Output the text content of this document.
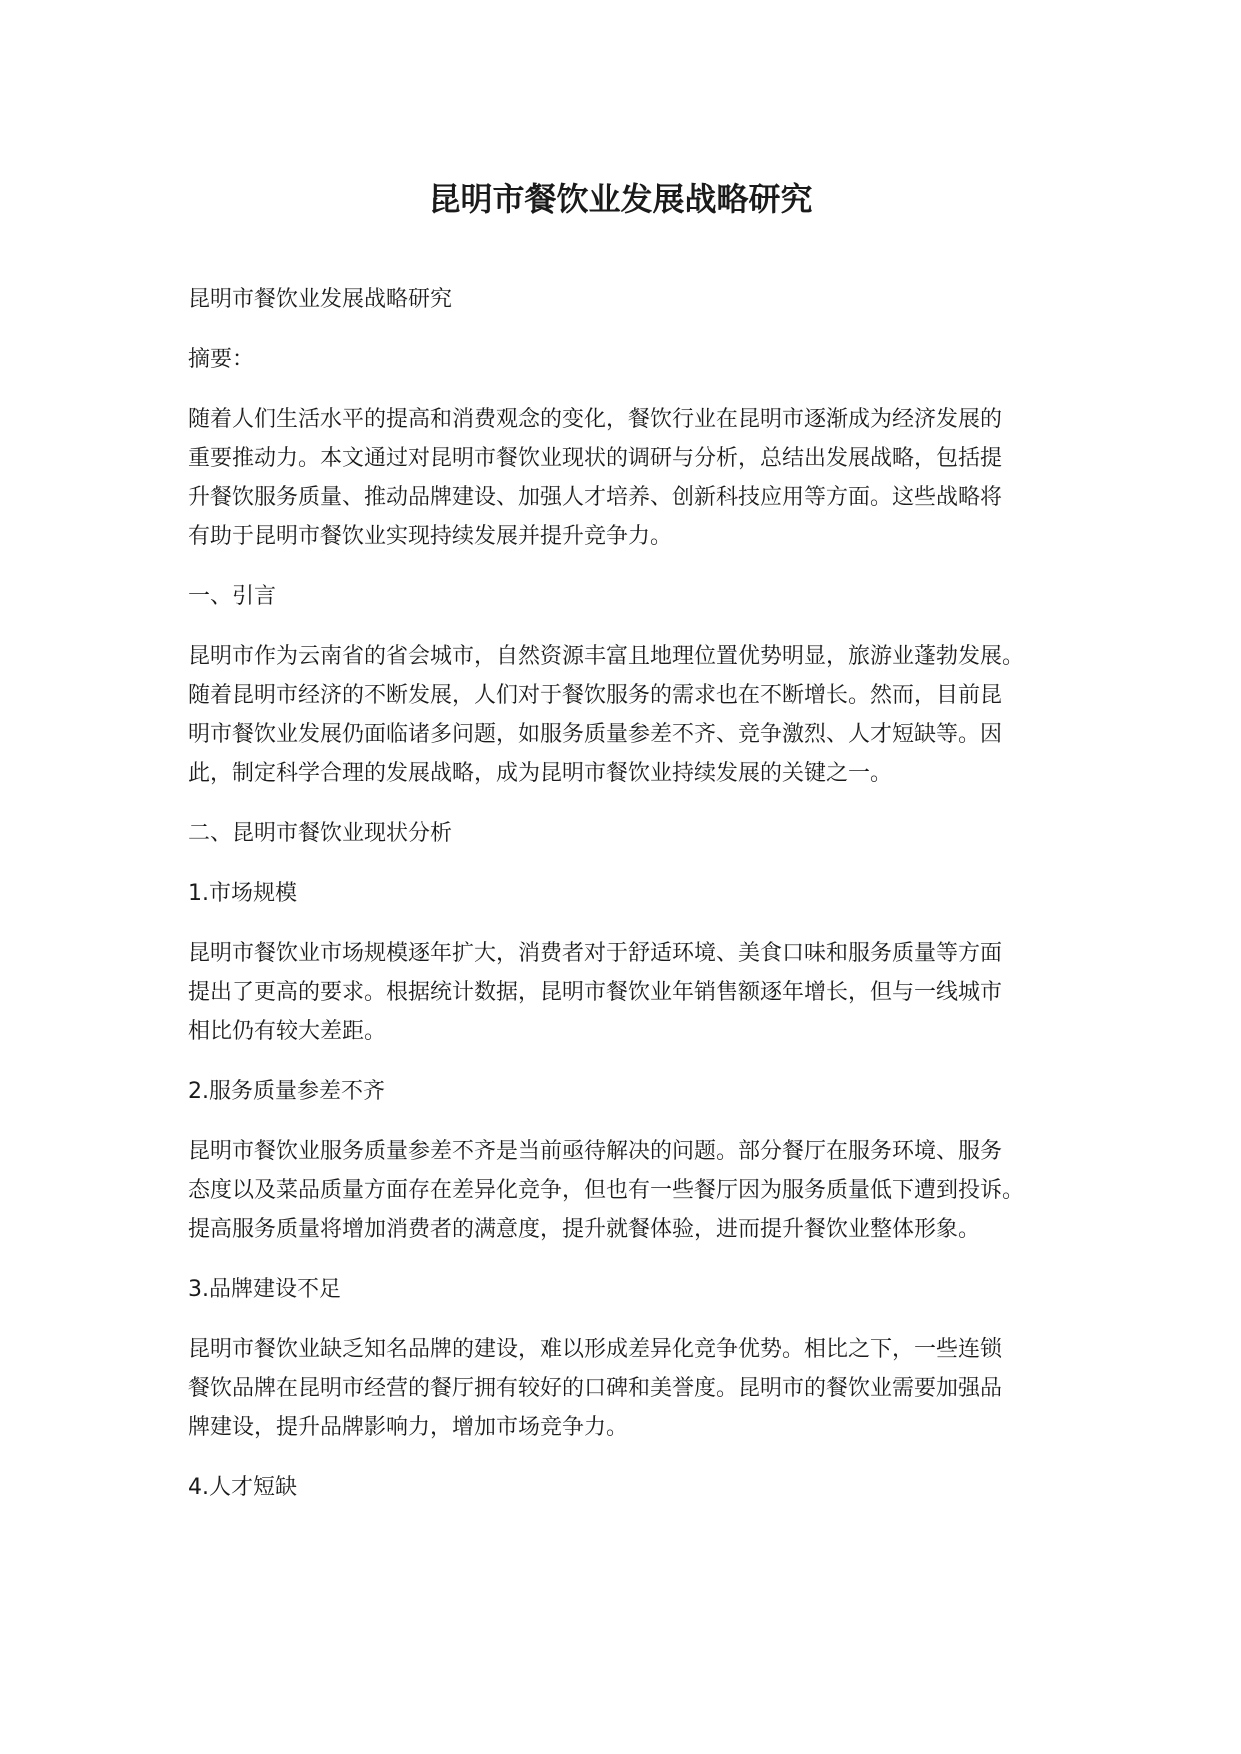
昆明市餐饮业发展战略研究

昆明市餐饮业发展战略研究

摘要：

随着人们生活水平的提高和消费观念的变化，餐饮行业在昆明市逐渐成为经济发展的
重要推动力。本文通过对昆明市餐饮业现状的调研与分析，总结出发展战略，包括提
升餐饮服务质量、推动品牌建设、加强人才培养、创新科技应用等方面。这些战略将
有助于昆明市餐饮业实现持续发展并提升竞争力。

一、引言

昆明市作为云南省的省会城市，自然资源丰富且地理位置优势明显，旅游业蓬勃发展。
随着昆明市经济的不断发展，人们对于餐饮服务的需求也在不断增长。然而，目前昆
明市餐饮业发展仍面临诸多问题，如服务质量参差不齐、竞争激烈、人才短缺等。因
此，制定科学合理的发展战略，成为昆明市餐饮业持续发展的关键之一。

二、昆明市餐饮业现状分析

1.市场规模

昆明市餐饮业市场规模逐年扩大，消费者对于舒适环境、美食口味和服务质量等方面
提出了更高的要求。根据统计数据，昆明市餐饮业年销售额逐年增长，但与一线城市
相比仍有较大差距。

2.服务质量参差不齐

昆明市餐饮业服务质量参差不齐是当前亟待解决的问题。部分餐厅在服务环境、服务
态度以及菜品质量方面存在差异化竞争，但也有一些餐厅因为服务质量低下遭到投诉。
提高服务质量将增加消费者的满意度，提升就餐体验，进而提升餐饮业整体形象。

3.品牌建设不足

昆明市餐饮业缺乏知名品牌的建设，难以形成差异化竞争优势。相比之下，一些连锁
餐饮品牌在昆明市经营的餐厅拥有较好的口碑和美誉度。昆明市的餐饮业需要加强品
牌建设，提升品牌影响力，增加市场竞争力。

4.人才短缺
